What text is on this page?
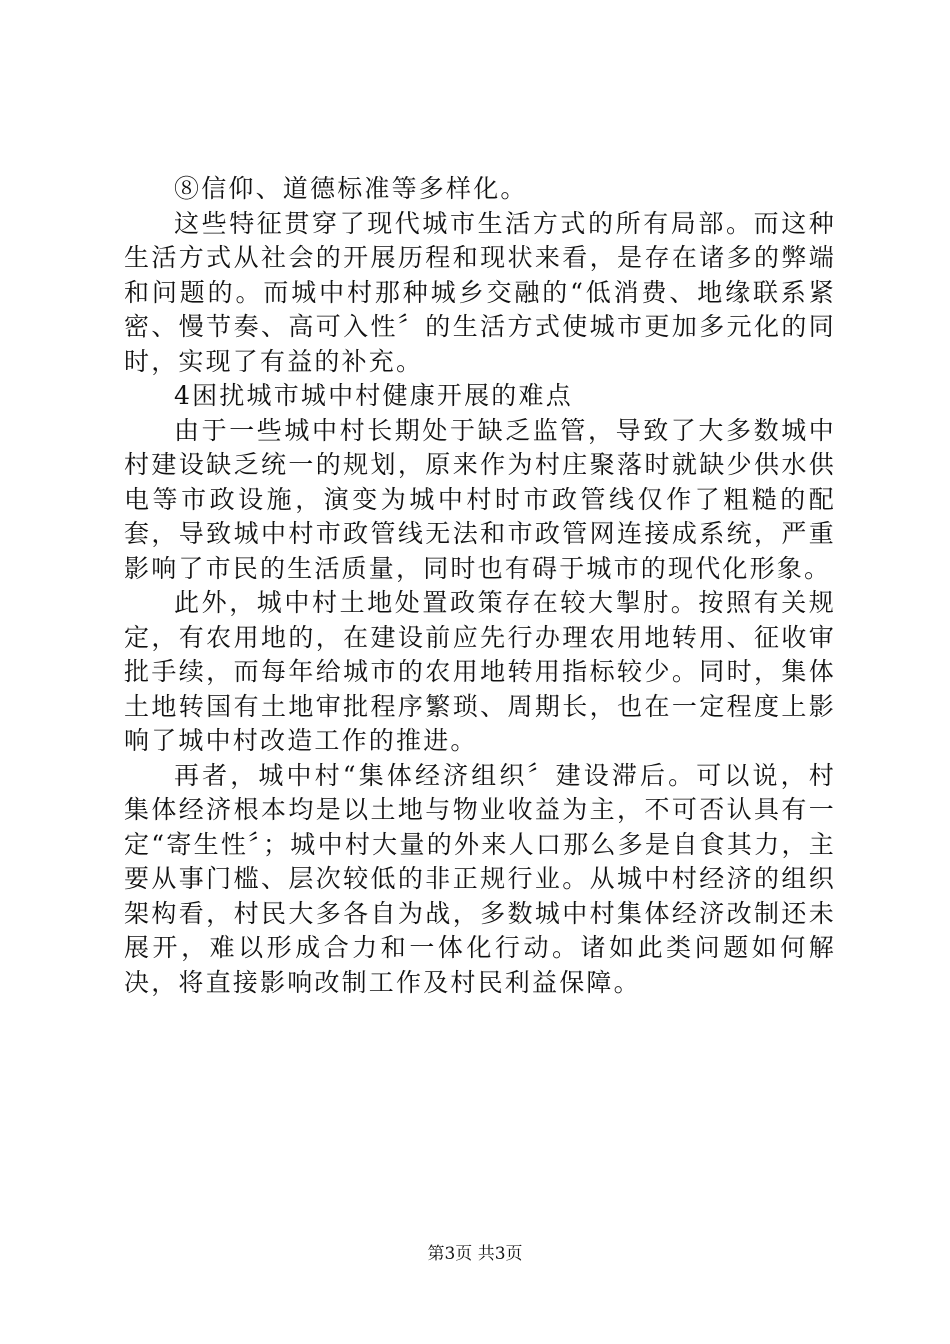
⑧信仰、道德标准等多样化。

这些特征贯穿了现代城市生活方式的所有局部。而这种生活方式从社会的开展历程和现状来看，是存在诸多的弊端和问题的。而城中村那种城乡交融的“低消费、地缘联系紧密、慢节奏、高可入性〞的生活方式使城市更加多元化的同时，实现了有益的补充。

4困扰城市城中村健康开展的难点

由于一些城中村长期处于缺乏监管，导致了大多数城中村建设缺乏统一的规划，原来作为村庄聚落时就缺少供水供电等市政设施，演变为城中村时市政管线仅作了粗糙的配套，导致城中村市政管线无法和市政管网连接成系统，严重影响了市民的生活质量，同时也有碍于城市的现代化形象。

此外，城中村土地处置政策存在较大掣肘。按照有关规定，有农用地的，在建设前应先行办理农用地转用、征收审批手续，而每年给城市的农用地转用指标较少。同时，集体土地转国有土地审批程序繁琐、周期长，也在一定程度上影响了城中村改造工作的推进。

再者，城中村“集体经济组织〞建设滞后。可以说，村集体经济根本均是以土地与物业收益为主，不可否认具有一定“寄生性〞；城中村大量的外来人口那么多是自食其力，主要从事门槛、层次较低的非正规行业。从城中村经济的组织架构看，村民大多各自为战，多数城中村集体经济改制还未展开，难以形成合力和一体化行动。诸如此类问题如何解决，将直接影响改制工作及村民利益保障。

第3页 共3页
